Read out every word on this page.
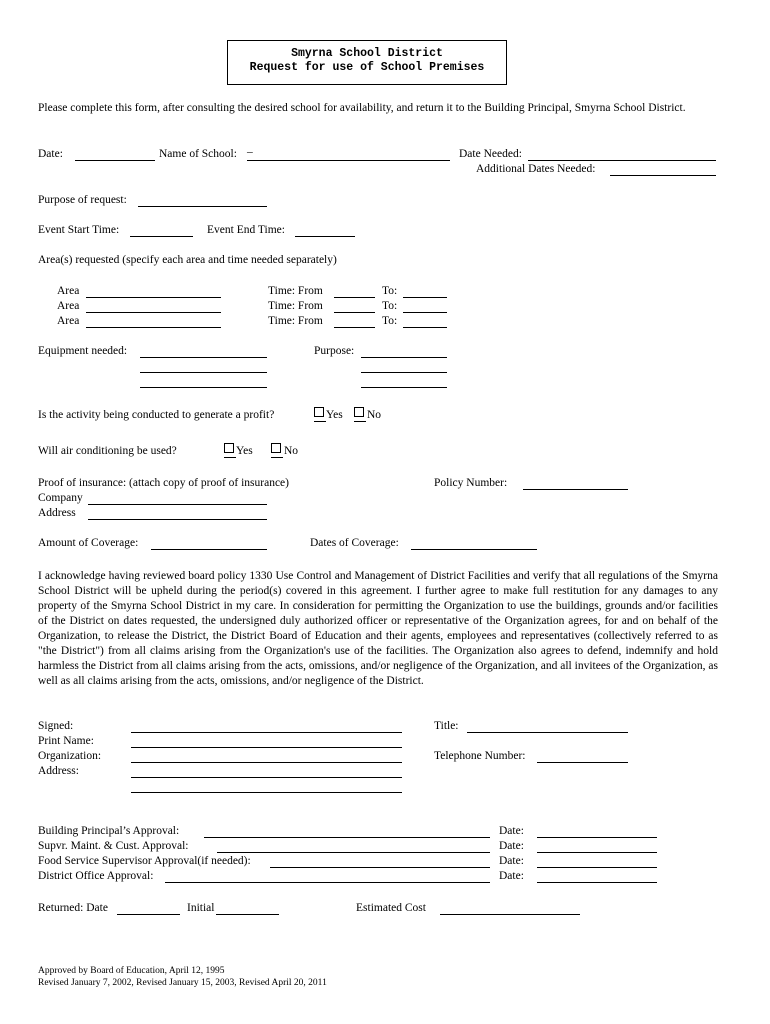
Smyrna School District
Request for use of School Premises
Please complete this form, after consulting the desired school for availability, and return it to the Building Principal, Smyrna School District.
Date:	Name of School: –	Date Needed:
Additional Dates Needed:
Purpose of request:
Event Start Time:	Event End Time:
Area(s) requested (specify each area and time needed separately)
Area	Time: From	To:
Area	Time: From	To:
Area	Time: From	To:
Equipment needed:	Purpose:
Is the activity being conducted to generate a profit?	Yes No
Will air conditioning be used?	Yes	No
Proof of insurance: (attach copy of proof of insurance)	Policy Number:
Company
Address
Amount of Coverage:	Dates of Coverage:
I acknowledge having reviewed board policy 1330 Use Control and Management of District Facilities and verify that all regulations of the Smyrna School District will be upheld during the period(s) covered in this agreement. I further agree to make full restitution for any damages to any property of the Smyrna School District in my care. In consideration for permitting the Organization to use the buildings, grounds and/or facilities of the District on dates requested, the undersigned duly authorized officer or representative of the Organization agrees, for and on behalf of the Organization, to release the District, the District Board of Education and their agents, employees and representatives (collectively referred to as "the District") from all claims arising from the Organization's use of the facilities. The Organization also agrees to defend, indemnify and hold harmless the District from all claims arising from the acts, omissions, and/or negligence of the Organization, and all invitees of the Organization, as well as all claims arising from the acts, omissions, and/or negligence of the District.
Signed:
Print Name:
Organization:
Address:
Title:
Telephone Number:
Building Principal’s Approval:	Date:
Supvr. Maint. & Cust. Approval:	Date:
Food Service Supervisor Approval(if needed):	Date:
District Office Approval:	Date:
Returned: Date	Initial	Estimated Cost
Approved by Board of Education, April 12, 1995
Revised January 7, 2002, Revised January 15, 2003, Revised April 20, 2011
